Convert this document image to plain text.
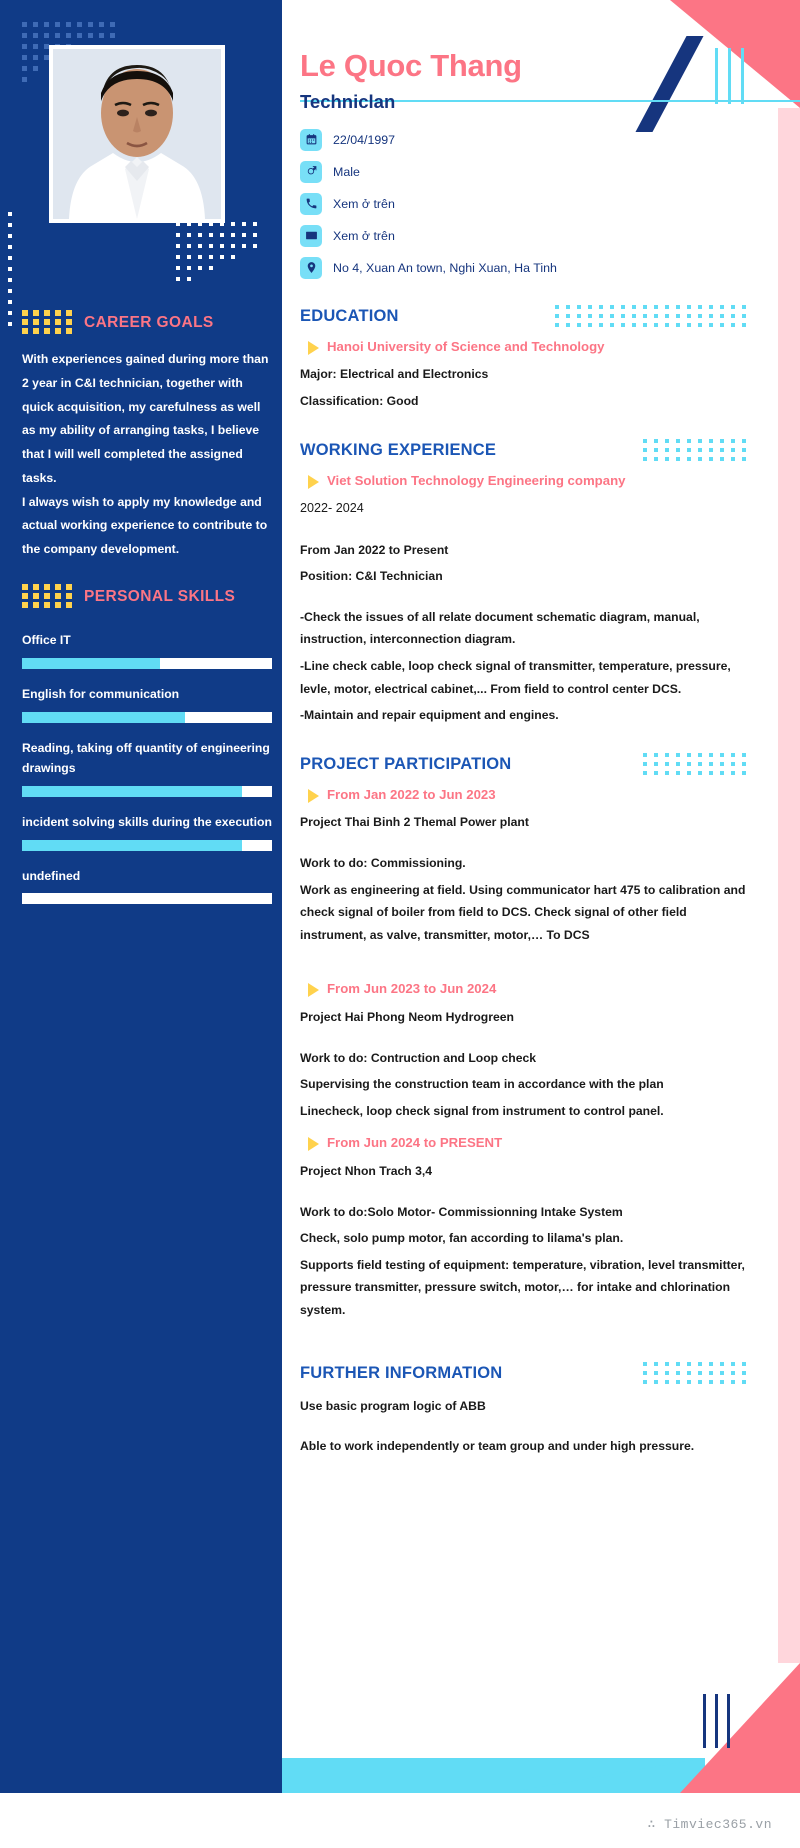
∴ Timviec365.vn
CAREER GOALS

With experiences gained during more than 2 year in C&I technician, together with quick acquisition, my carefulness as well as my ability of arranging tasks, I believe that I will well completed the assigned tasks.

I always wish to apply my knowledge and actual working experience to contribute to the company development.

PERSONAL SKILLS
Office IT
English for communication
Reading, taking off quantity of engineering drawings
incident solving skills during the execution
undefined
Le Quoc Thang
Techniclan
22/04/1997
Male
Xem ở trên
Xem ở trên
No 4, Xuan An town, Nghi Xuan, Ha Tinh
EDUCATION
Hanoi University of Science and Technology
Major: Electrical and Electronics
Classification: Good
WORKING EXPERIENCE
Viet Solution Technology Engineering company
2022- 2024
From Jan 2022 to Present
Position: C&I Technician
-Check the issues of all relate document schematic diagram, manual, instruction, interconnection diagram.
-Line check cable, loop check signal of transmitter, temperature, pressure, levle, motor, electrical cabinet,... From field to control center DCS.
-Maintain and repair equipment and engines.
PROJECT PARTICIPATION
From Jan 2022 to Jun 2023
Project Thai Binh 2 Themal Power plant
Work to do: Commissioning.
Work as engineering at field. Using communicator hart 475 to calibration and check signal of boiler from field to DCS. Check signal of other field instrument, as valve, transmitter, motor,… To DCS
From Jun 2023 to Jun 2024
Project Hai Phong Neom Hydrogreen
Work to do: Contruction and Loop check
Supervising the construction team in accordance with the plan
Linecheck, loop check signal from instrument to control panel.
From Jun 2024 to PRESENT
Project Nhon Trach 3,4
Work to do:Solo Motor- Commissionning Intake System
Check, solo pump motor, fan according to lilama's plan.
Supports field testing of equipment: temperature, vibration, level transmitter, pressure transmitter, pressure switch, motor,… for intake and chlorination system.
FURTHER INFORMATION
Use basic program logic of ABB
Able to work independently or team group and under high pressure.
